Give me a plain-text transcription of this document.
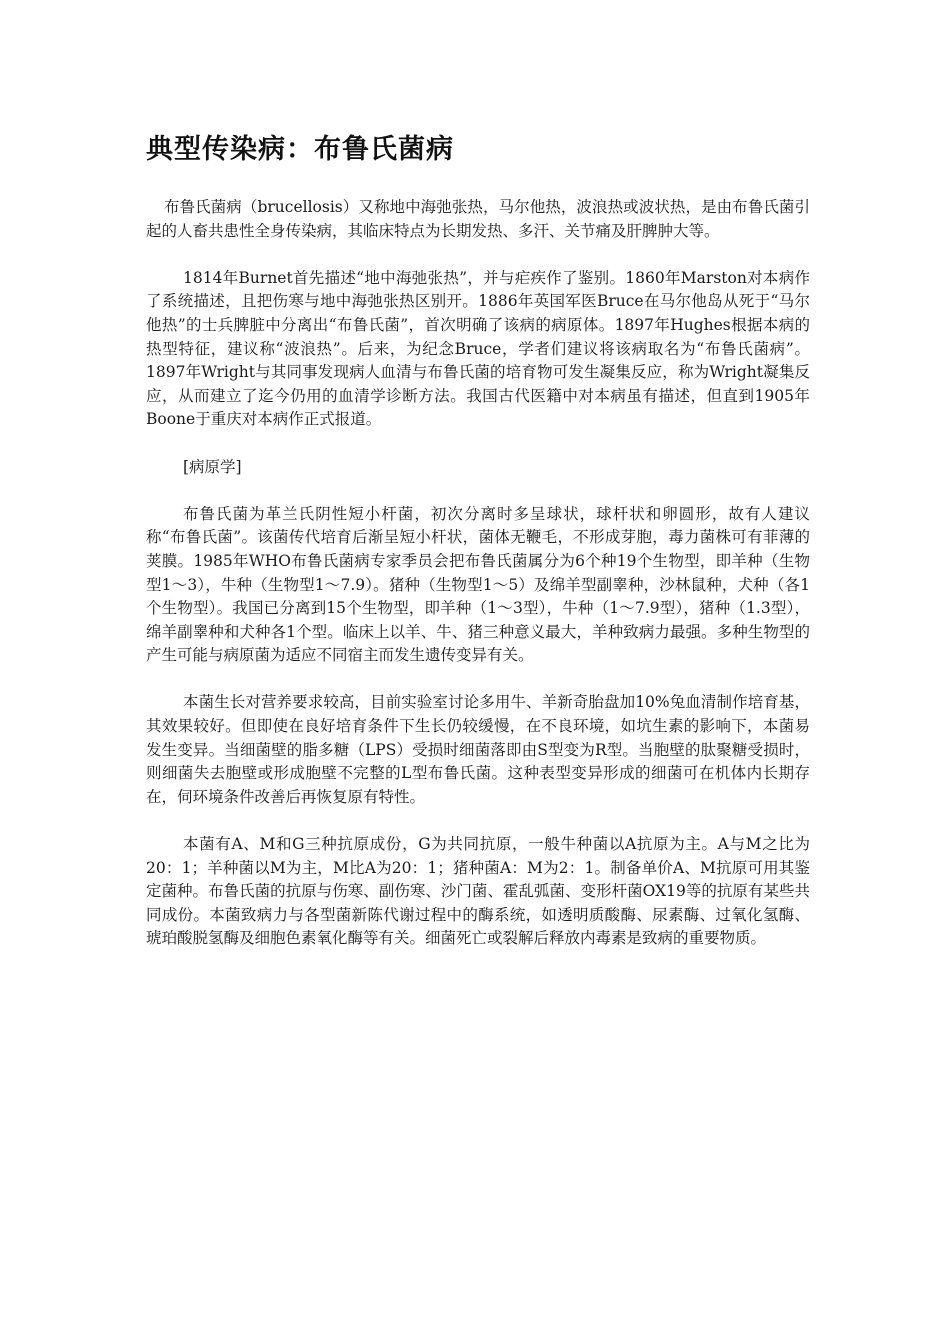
典型传染病：布鲁氏菌病

布鲁氏菌病（brucellosis）又称地中海弛张热，马尔他热，波浪热或波状热，是由布鲁氏菌引起的人畜共患性全身传染病，其临床特点为长期发热、多汗、关节痛及肝脾肿大等。

1814年Burnet首先描述“地中海弛张热”，并与疟疾作了鉴别。1860年Marston对本病作了系统描述，且把伤寒与地中海弛张热区别开。1886年英国军医Bruce在马尔他岛从死于“马尔他热”的士兵脾脏中分离出“布鲁氏菌”，首次明确了该病的病原体。1897年Hughes根据本病的热型特征，建议称“波浪热”。后来，为纪念Bruce，学者们建议将该病取名为“布鲁氏菌病”。1897年Wright与其同事发现病人血清与布鲁氏菌的培育物可发生凝集反应，称为Wright凝集反应，从而建立了迄今仍用的血清学诊断方法。我国古代医籍中对本病虽有描述，但直到1905年Boone于重庆对本病作正式报道。

[病原学]

布鲁氏菌为革兰氏阴性短小杆菌，初次分离时多呈球状，球杆状和卵圆形，故有人建议称“布鲁氏菌”。该菌传代培育后渐呈短小杆状，菌体无鞭毛，不形成芽胞，毒力菌株可有菲薄的荚膜。1985年WHO布鲁氏菌病专家季员会把布鲁氏菌属分为6个种19个生物型，即羊种（生物型1～3），牛种（生物型1～7.9）。猪种（生物型1～5）及绵羊型副睾种，沙林鼠种，犬种（各1个生物型）。我国已分离到15个生物型，即羊种（1～3型），牛种（1～7.9型），猪种（1.3型），绵羊副睾种和犬种各1个型。临床上以羊、牛、猪三种意义最大，羊种致病力最强。多种生物型的产生可能与病原菌为适应不同宿主而发生遗传变异有关。

本菌生长对营养要求较高，目前实验室讨论多用牛、羊新奇胎盘加10%兔血清制作培育基，其效果较好。但即使在良好培育条件下生长仍较缓慢，在不良环境，如坑生素的影响下，本菌易发生变异。当细菌壁的脂多糖（LPS）受损时细菌落即由S型变为R型。当胞壁的肽聚糖受损时，则细菌失去胞壁或形成胞壁不完整的L型布鲁氏菌。这种表型变异形成的细菌可在机体内长期存在，伺环境条件改善后再恢复原有特性。

本菌有A、M和G三种抗原成份，G为共同抗原，一般牛种菌以A抗原为主。A与M之比为20：1；羊种菌以M为主，M比A为20：1；猪种菌A：M为2：1。制备单价A、M抗原可用其鉴定菌种。布鲁氏菌的抗原与伤寒、副伤寒、沙门菌、霍乱弧菌、变形杆菌OX19等的抗原有某些共同成份。本菌致病力与各型菌新陈代谢过程中的酶系统，如透明质酸酶、尿素酶、过氧化氢酶、琥珀酸脱氢酶及细胞色素氧化酶等有关。细菌死亡或裂解后释放内毒素是致病的重要物质。
